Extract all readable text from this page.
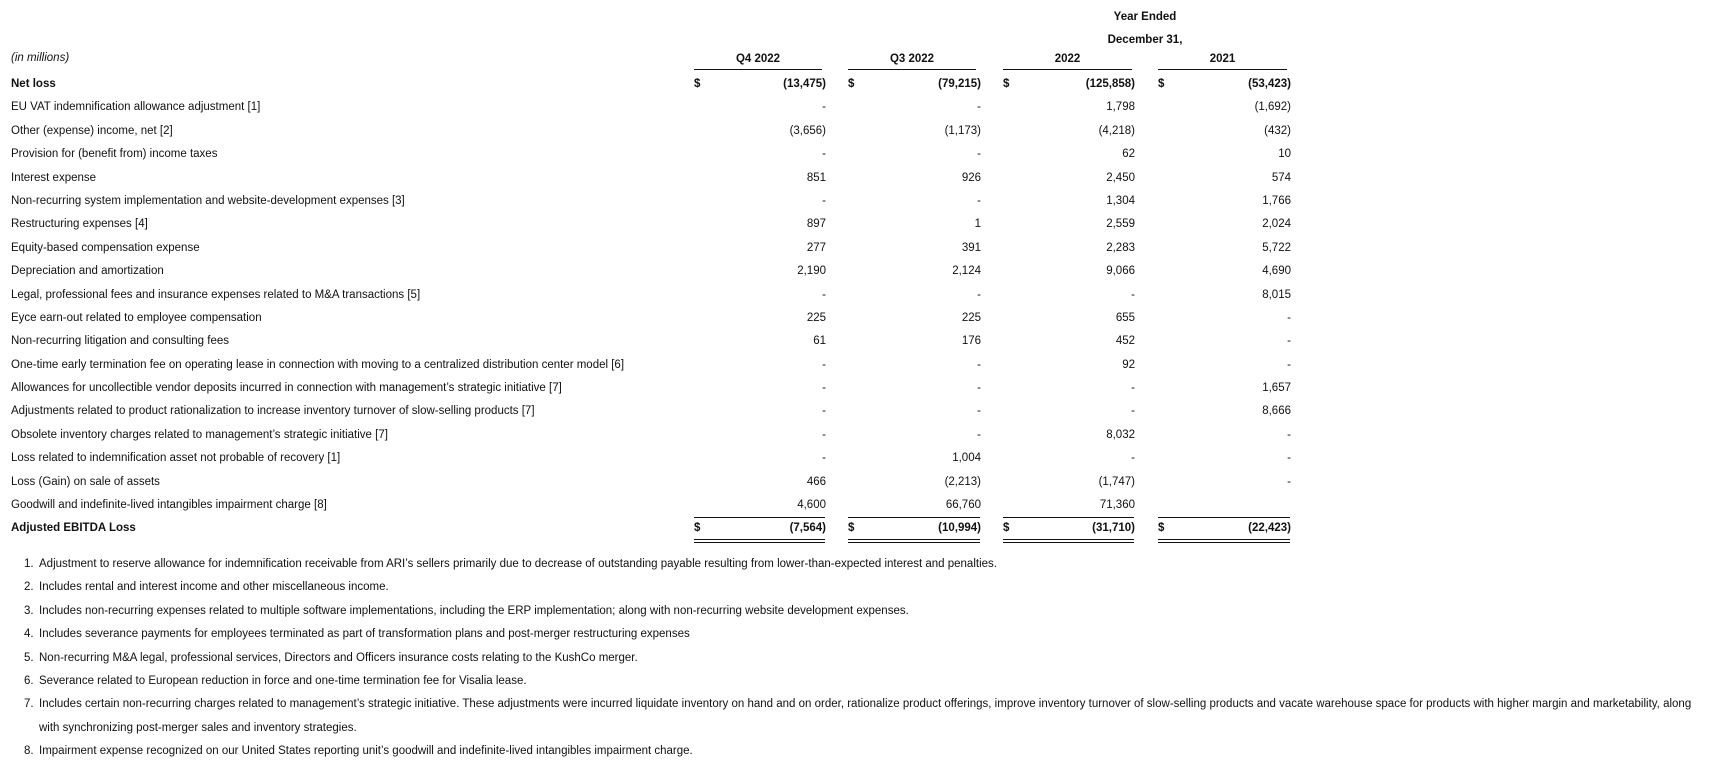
Year Ended
December 31,
(in millions)	Q4 2022	Q3 2022	2022	2021
Net loss	$	(13,475) $	(79,215) $	(125,858) $	(53,423)
EU VAT indemnification allowance adjustment [1]	-	-	1,798	(1,692)
Other (expense) income, net [2]	(3,656)	(1,173)	(4,218)	(432)
Provision for (benefit from) income taxes	-	-	62	10
Interest expense	851	926	2,450	574
Non-recurring system implementation and website-development expenses [3]	-	-	1,304	1,766
Restructuring expenses [4]	897	1	2,559	2,024
Equity-based compensation expense	277	391	2,283	5,722
Depreciation and amortization	2,190	2,124	9,066	4,690
Legal, professional fees and insurance expenses related to M&A transactions [5]	-	-	-	8,015
Eyce earn-out related to employee compensation	225	225	655	-
Non-recurring litigation and consulting fees	61	176	452	-
One-time early termination fee on operating lease in connection with moving to a centralized distribution center model [6]	-	-	92	-
Allowances for uncollectible vendor deposits incurred in connection with management’s strategic initiative [7]	-	-	-	1,657
Adjustments related to product rationalization to increase inventory turnover of slow-selling products [7]	-	-	-	8,666
Obsolete inventory charges related to management’s strategic initiative [7]	-	-	8,032	-
Loss related to indemnification asset not probable of recovery [1]	-	1,004	-	-
Loss (Gain) on sale of assets	466	(2,213)	(1,747)	-
Goodwill and indefinite-lived intangibles impairment charge [8]	4,600	66,760	71,360
Adjusted EBITDA Loss	$	(7,564) $	(10,994) $	(31,710) $	(22,423)
1. Adjustment to reserve allowance for indemnification receivable from ARI’s sellers primarily due to decrease of outstanding payable resulting from lower-than-expected interest and penalties.
2. Includes rental and interest income and other miscellaneous income.
3. Includes non-recurring expenses related to multiple software implementations, including the ERP implementation; along with non-recurring website development expenses.
4. Includes severance payments for employees terminated as part of transformation plans and post-merger restructuring expenses
5. Non-recurring M&A legal, professional services, Directors and Officers insurance costs relating to the KushCo merger.
6. Severance related to European reduction in force and one-time termination fee for Visalia lease.
7. Includes certain non-recurring charges related to management’s strategic initiative. These adjustments were incurred liquidate inventory on hand and on order, rationalize product offerings, improve inventory turnover of slow-selling products and vacate warehouse space for products with higher margin and marketability, along with synchronizing post-merger sales and inventory strategies.
8. Impairment expense recognized on our United States reporting unit’s goodwill and indefinite-lived intangibles impairment charge.
